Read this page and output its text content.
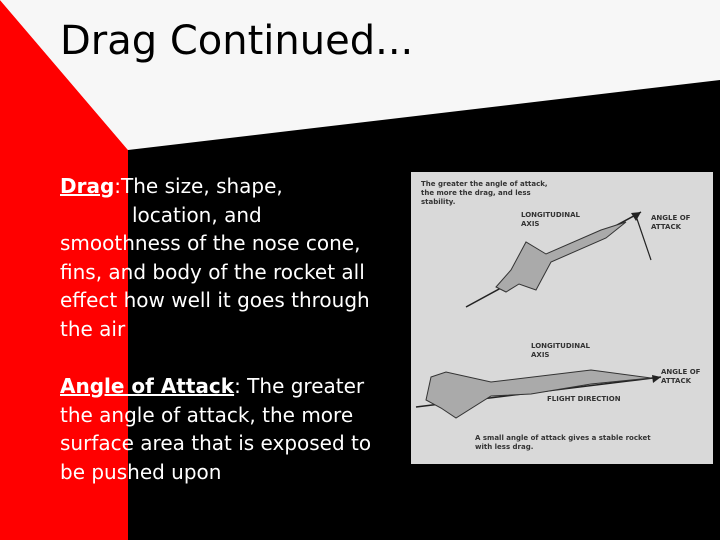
Drag Continued...
Drag:The size, shape,
location, and
smoothness of the nose cone, fins, and body of the rocket all effect how well it goes through the air
Angle of Attack: The greater the angle of attack, the more surface area that is exposed to be pushed upon
The greater the angle of attack,
the more the drag, and less
stability.
LONGITUDINAL
AXIS
ANGLE OF
ATTACK
LONGITUDINAL
AXIS
ANGLE OF
ATTACK
FLIGHT DIRECTION
A small angle of attack gives a stable rocket
with less drag.
